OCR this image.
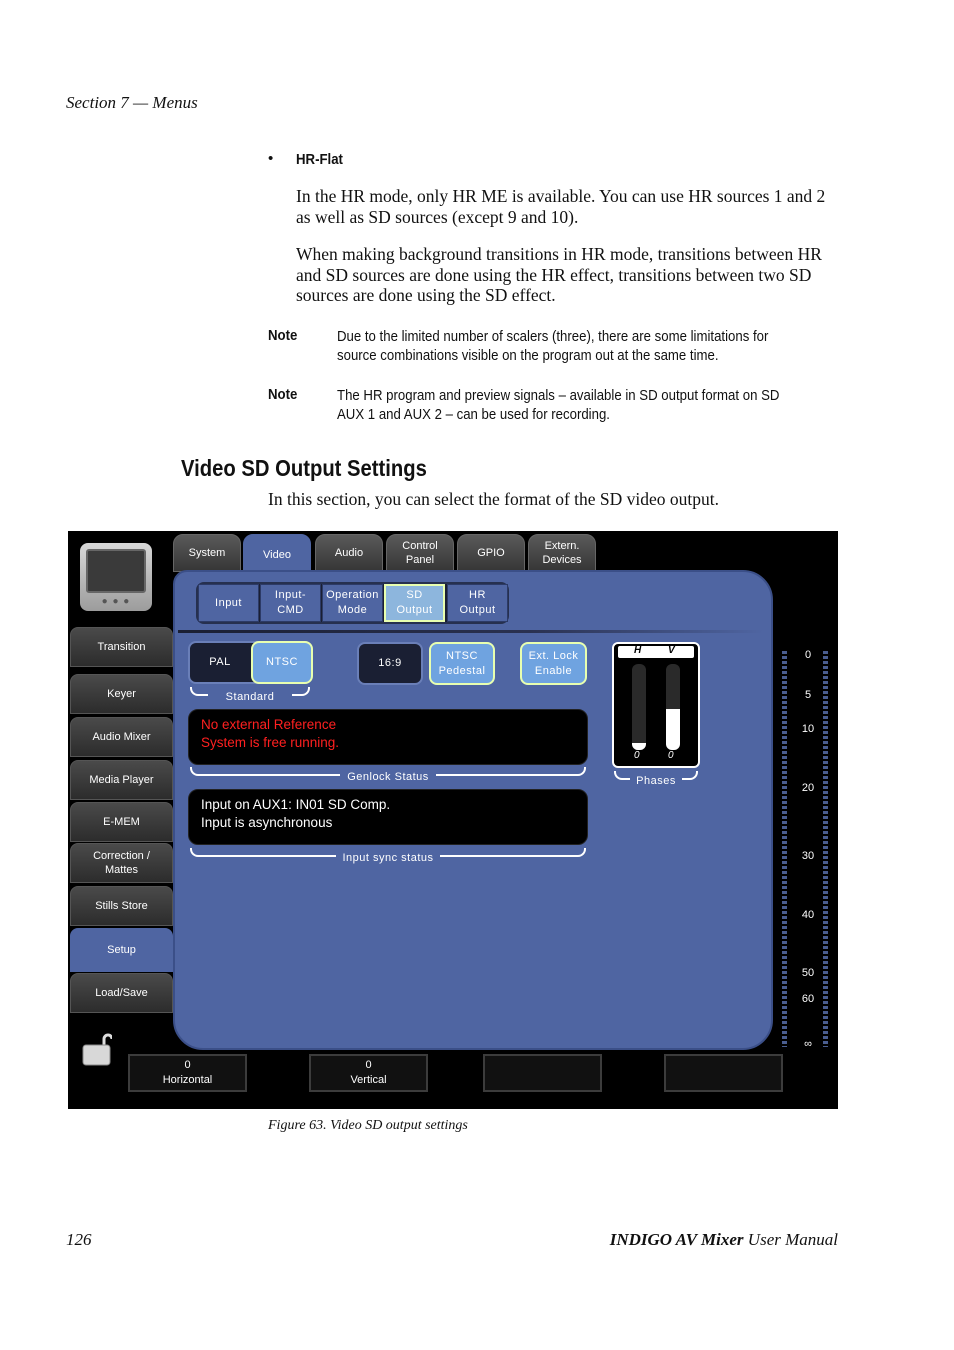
Section 7 — Menus
• HR-Flat
In the HR mode, only HR ME is available. You can use HR sources 1 and 2 as well as SD sources (except 9 and 10).
When making background transitions in HR mode, transitions between HR and SD sources are done using the HR effect, transitions between two SD sources are done using the SD effect.
Note	Due to the limited number of scalers (three), there are some limitations for
source combinations visible on the program out at the same time.
Note	The HR program and preview signals – available in SD output format on SD
AUX 1 and AUX 2 – can be used for recording.
Video SD Output Settings
In this section, you can select the format of the SD video output.
● ● ●
Transition
Keyer
Audio Mixer
Media Player
E-MEM
Correction /
Mattes
Stills Store
Setup
Load/Save
System	Video	Audio
Control
Panel
GPIO
Extern.
Devices
Input
Input-
CMD
Operation
Mode
SD
Output
HR
Output
PAL	NTSC
Standard
16:9
NTSC
Pedestal
Ext. Lock
Enable
No external Reference
System is free running.
Genlock Status
Input on AUX1: IN01 SD Comp.
Input is asynchronous
Input sync status
H	V
0	0
Phases
0
5
10
20
30
40
50
60
∞
0
Horizontal
0
Vertical
Figure 63. Video SD output settings
126	INDIGO AV Mixer User Manual
